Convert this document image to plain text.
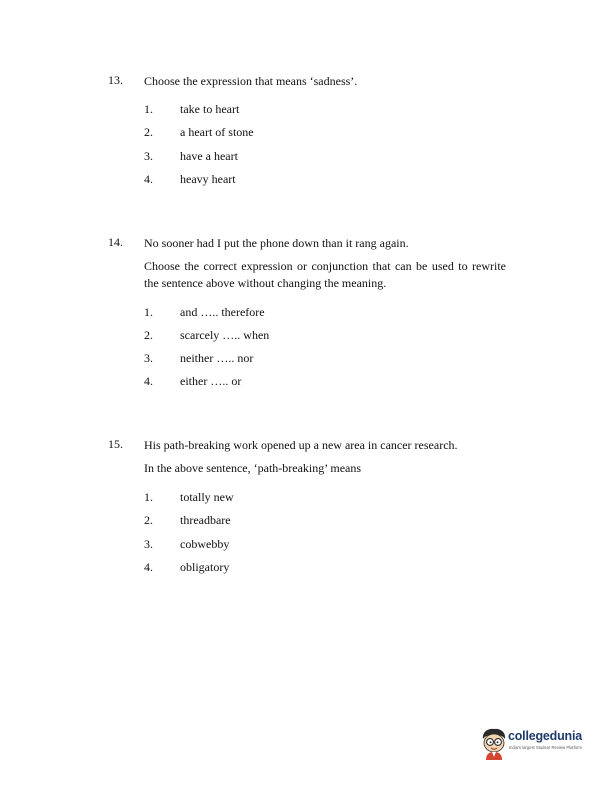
13. Choose the expression that means ‘sadness’.
1. take to heart
2. a heart of stone
3. have a heart
4. heavy heart
14. No sooner had I put the phone down than it rang again.
Choose the correct expression or conjunction that can be used to rewrite the sentence above without changing the meaning.
1. and ….. therefore
2. scarcely ….. when
3. neither ….. nor
4. either ….. or
15. His path-breaking work opened up a new area in cancer research.
In the above sentence, ‘path-breaking’ means
1. totally new
2. threadbare
3. cobwebby
4. obligatory
collegedunia
India's largest Student Review Platform
